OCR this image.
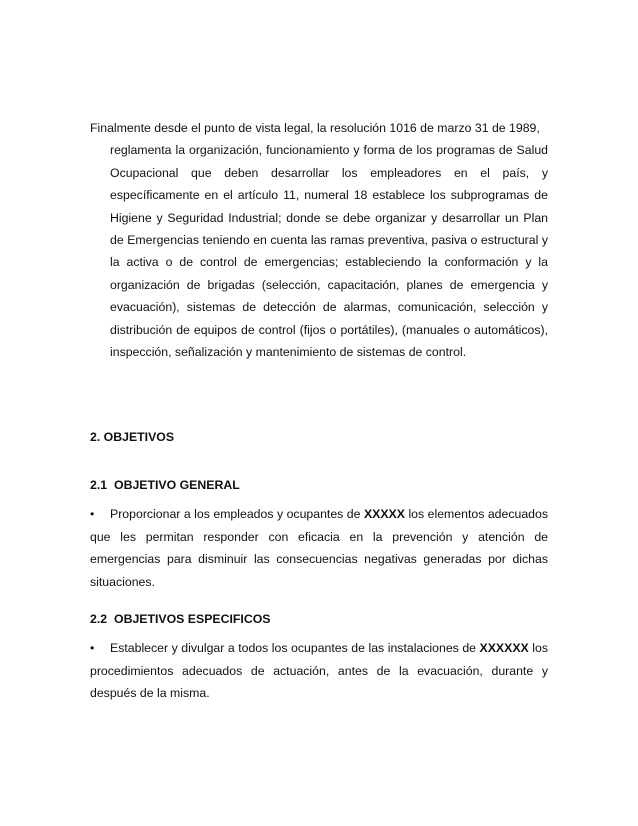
Finalmente desde el punto de vista legal, la resolución 1016 de marzo 31 de 1989,
reglamenta la organización, funcionamiento y forma de los programas de Salud Ocupacional que deben desarrollar los empleadores en el país, y específicamente en el artículo 11, numeral 18 establece los subprogramas de Higiene y Seguridad Industrial; donde se debe organizar y desarrollar un Plan de Emergencias teniendo en cuenta las ramas preventiva, pasiva o estructural y la activa o de control de emergencias; estableciendo la conformación y la organización de brigadas (selección, capacitación, planes de emergencia y evacuación), sistemas de detección de alarmas, comunicación, selección y distribución de equipos de control (fijos o portátiles), (manuales o automáticos), inspección, señalización y mantenimiento de sistemas de control.
2. OBJETIVOS
2.1 OBJETIVO GENERAL
• Proporcionar a los empleados y ocupantes de XXXXX los elementos adecuados que les permitan responder con eficacia en la prevención y atención de emergencias para disminuir las consecuencias negativas generadas por dichas situaciones.
2.2 OBJETIVOS ESPECIFICOS
• Establecer y divulgar a todos los ocupantes de las instalaciones de XXXXXX los procedimientos adecuados de actuación, antes de la evacuación, durante y después de la misma.
